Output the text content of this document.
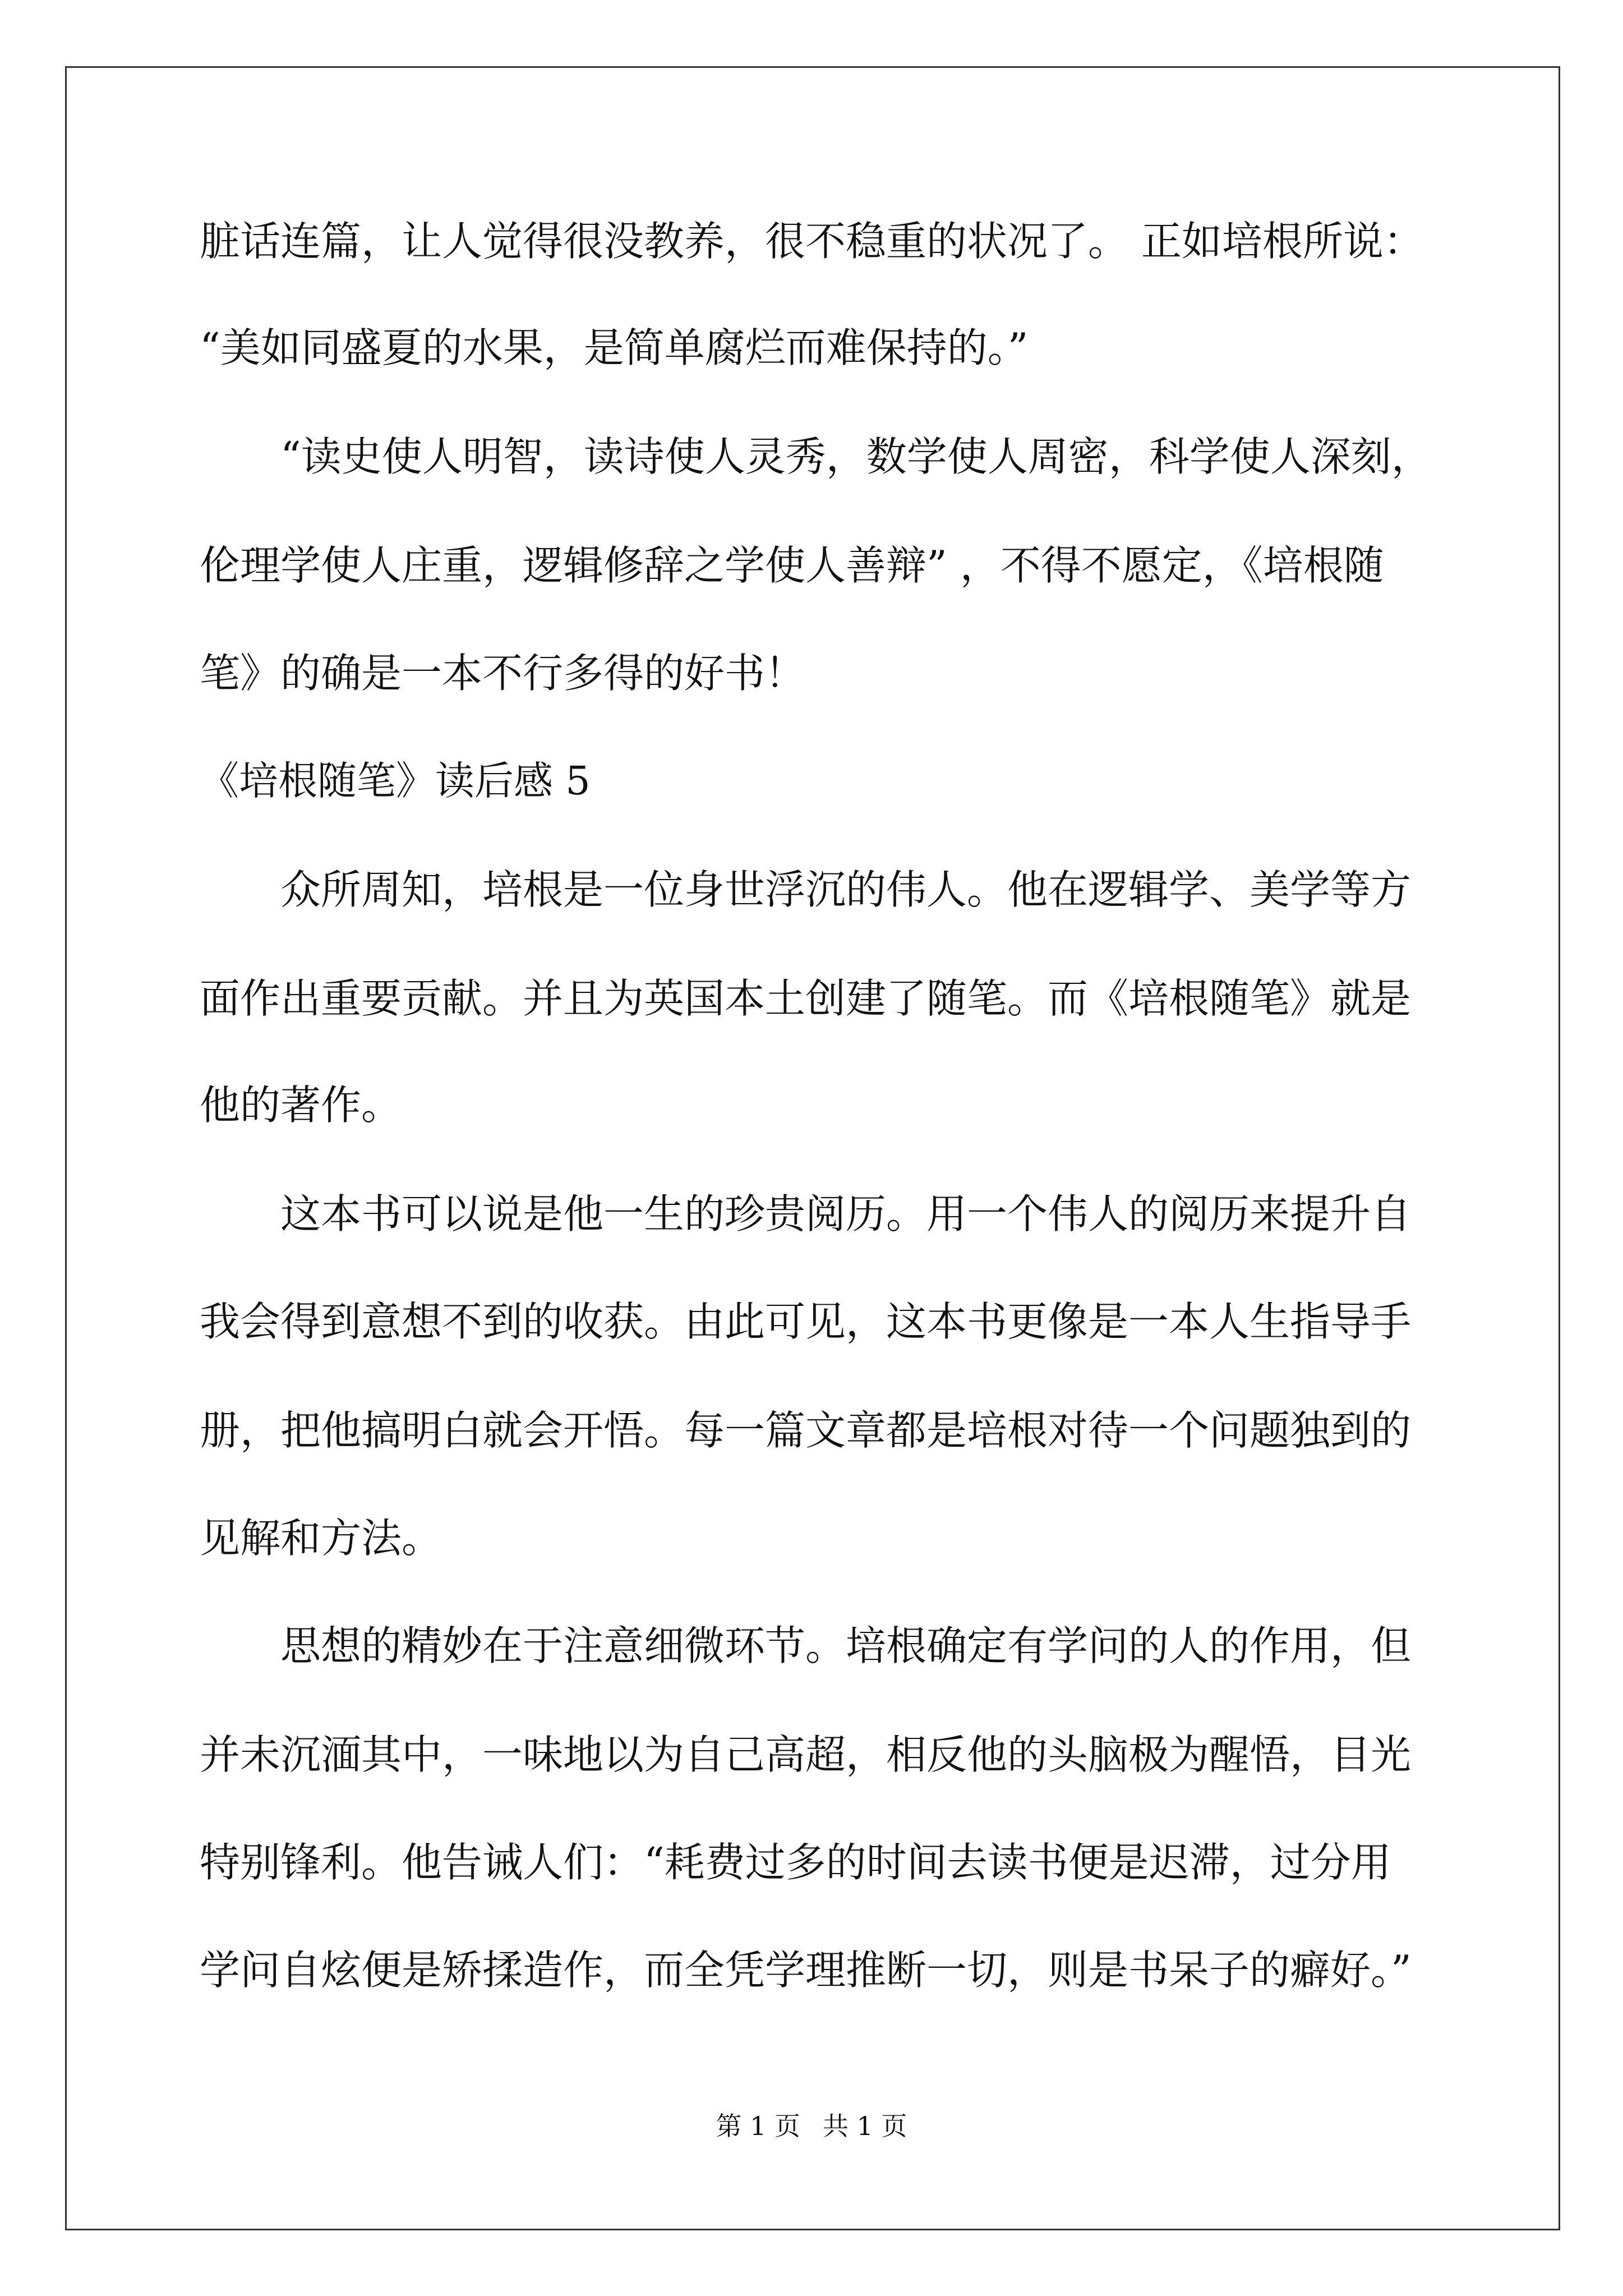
脏话连篇，让人觉得很没教养，很不稳重的状况了。 正如培根所说：
“美如同盛夏的水果，是简单腐烂而难保持的。”
“读史使人明智，读诗使人灵秀，数学使人周密，科学使人深刻，
伦理学使人庄重，逻辑修辞之学使人善辩” ，不得不愿定，《培根随
笔》的确是一本不行多得的好书！
《培根随笔》读后感 5
众所周知，培根是一位身世浮沉的伟人。他在逻辑学、美学等方
面作出重要贡献。并且为英国本土创建了随笔。而《培根随笔》就是
他的著作。
这本书可以说是他一生的珍贵阅历。用一个伟人的阅历来提升自
我会得到意想不到的收获。由此可见，这本书更像是一本人生指导手
册，把他搞明白就会开悟。每一篇文章都是培根对待一个问题独到的
见解和方法。
思想的精妙在于注意细微环节。培根确定有学问的人的作用，但
并未沉湎其中，一味地以为自己高超，相反他的头脑极为醒悟，目光
特别锋利。他告诫人们：“耗费过多的时间去读书便是迟滞，过分用
学问自炫便是矫揉造作，而全凭学理推断一切，则是书呆子的癖好。”
第 1 页 共 1 页
